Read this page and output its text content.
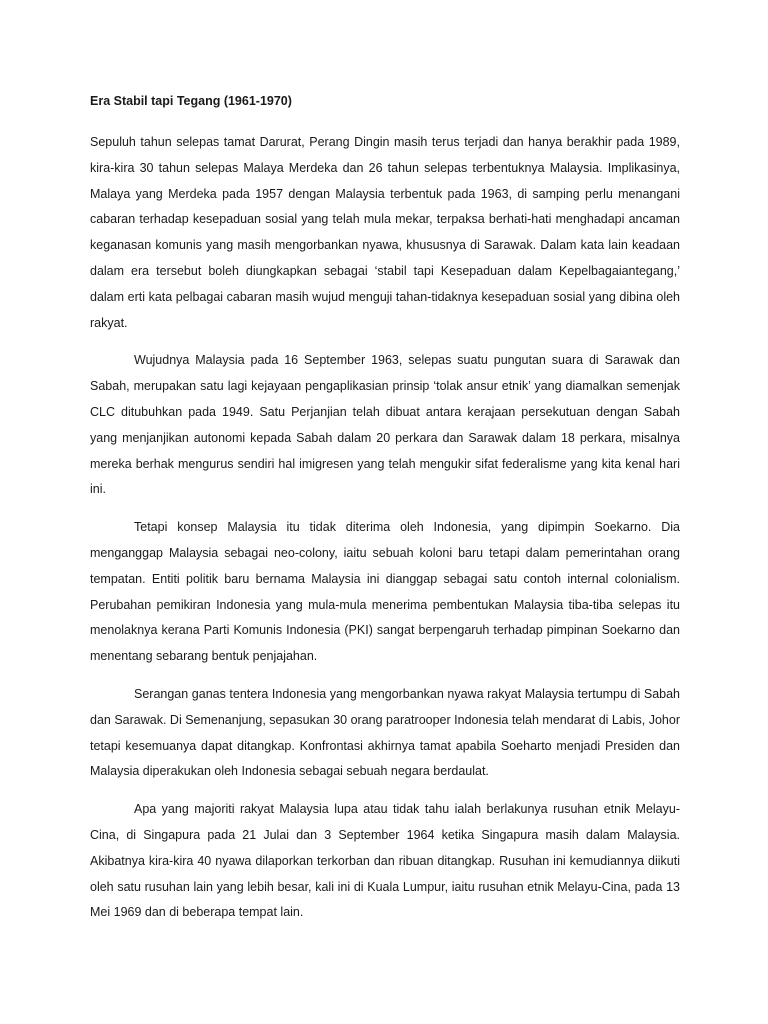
Era Stabil tapi Tegang (1961-1970)

Sepuluh tahun selepas tamat Darurat, Perang Dingin masih terus terjadi dan hanya berakhir pada 1989, kira-kira 30 tahun selepas Malaya Merdeka dan 26 tahun selepas terbentuknya Malaysia. Implikasinya, Malaya yang Merdeka pada 1957 dengan Malaysia terbentuk pada 1963, di samping perlu menangani cabaran terhadap kesepaduan sosial yang telah mula mekar, terpaksa berhati-hati menghadapi ancaman keganasan komunis yang masih mengorbankan nyawa, khususnya di Sarawak. Dalam kata lain keadaan dalam era tersebut boleh diungkapkan sebagai ‘stabil tapi Kesepaduan dalam Kepelbagaiantegang,’ dalam erti kata pelbagai cabaran masih wujud menguji tahan-tidaknya kesepaduan sosial yang dibina oleh rakyat.

Wujudnya Malaysia pada 16 September 1963, selepas suatu pungutan suara di Sarawak dan Sabah, merupakan satu lagi kejayaan pengaplikasian prinsip ‘tolak ansur etnik’ yang diamalkan semenjak CLC ditubuhkan pada 1949. Satu Perjanjian telah dibuat antara kerajaan persekutuan dengan Sabah yang menjanjikan autonomi kepada Sabah dalam 20 perkara dan Sarawak dalam 18 perkara, misalnya mereka berhak mengurus sendiri hal imigresen yang telah mengukir sifat federalisme yang kita kenal hari ini.

Tetapi konsep Malaysia itu tidak diterima oleh Indonesia, yang dipimpin Soekarno. Dia menganggap Malaysia sebagai neo-colony, iaitu sebuah koloni baru tetapi dalam pemerintahan orang tempatan. Entiti politik baru bernama Malaysia ini dianggap sebagai satu contoh internal colonialism. Perubahan pemikiran Indonesia yang mula-mula menerima pembentukan Malaysia tiba-tiba selepas itu menolaknya kerana Parti Komunis Indonesia (PKI) sangat berpengaruh terhadap pimpinan Soekarno dan menentang sebarang bentuk penjajahan.

Serangan ganas tentera Indonesia yang mengorbankan nyawa rakyat Malaysia tertumpu di Sabah dan Sarawak. Di Semenanjung, sepasukan 30 orang paratrooper Indonesia telah mendarat di Labis, Johor tetapi kesemuanya dapat ditangkap. Konfrontasi akhirnya tamat apabila Soeharto menjadi Presiden dan Malaysia diperakukan oleh Indonesia sebagai sebuah negara berdaulat.

Apa yang majoriti rakyat Malaysia lupa atau tidak tahu ialah berlakunya rusuhan etnik Melayu-Cina, di Singapura pada 21 Julai dan 3 September 1964 ketika Singapura masih dalam Malaysia. Akibatnya kira-kira 40 nyawa dilaporkan terkorban dan ribuan ditangkap. Rusuhan ini kemudiannya diikuti oleh satu rusuhan lain yang lebih besar, kali ini di Kuala Lumpur, iaitu rusuhan etnik Melayu-Cina, pada 13 Mei 1969 dan di beberapa tempat lain.
